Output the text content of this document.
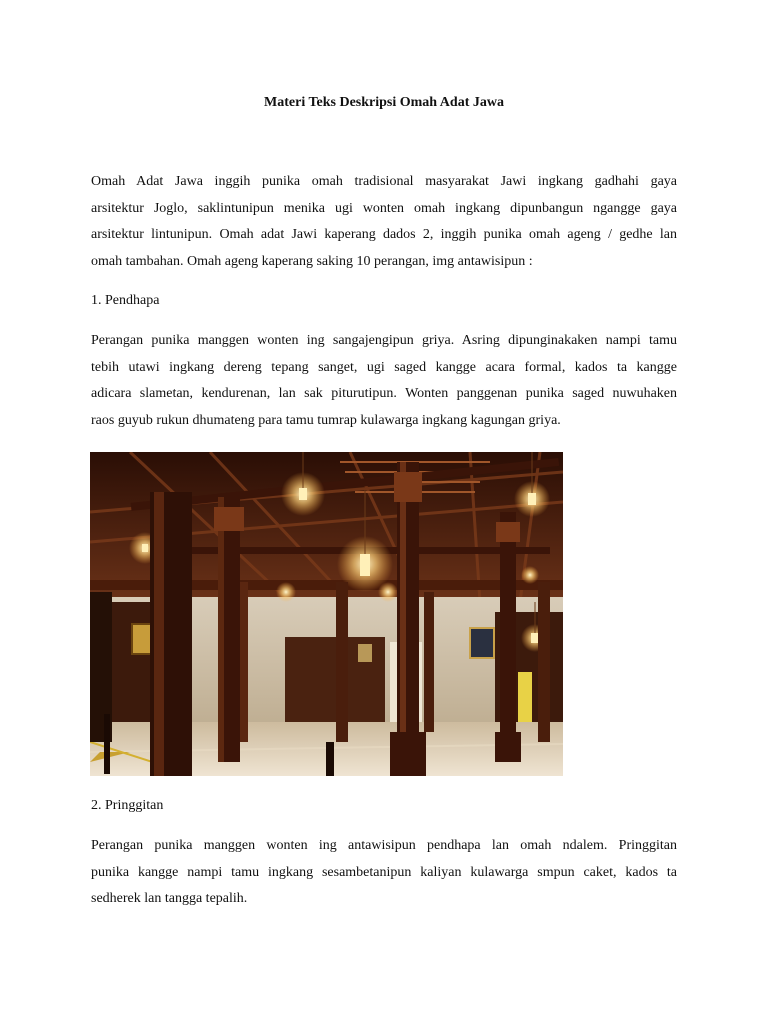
Materi Teks Deskripsi Omah Adat Jawa

Omah Adat Jawa inggih punika omah tradisional masyarakat Jawi ingkang gadhahi gaya
arsitektur Joglo, saklintunipun menika ugi wonten omah ingkang dipunbangun ngangge gaya
arsitektur lintunipun. Omah adat Jawi kaperang dados 2, inggih punika omah ageng / gedhe lan
omah tambahan. Omah ageng kaperang saking 10 perangan, img antawisipun :

1. Pendhapa

Perangan punika manggen wonten ing sangajengipun griya. Asring dipunginakaken nampi tamu
tebih utawi ingkang dereng tepang sanget, ugi saged kangge acara formal, kados ta kangge
adicara slametan, kendurenan, lan sak piturutipun. Wonten panggenan punika saged nuwuhaken
raos guyub rukun dhumateng para tamu tumrap kulawarga ingkang kagungan griya.

2. Pringgitan

Perangan punika manggen wonten ing antawisipun pendhapa lan omah ndalem. Pringgitan
punika kangge nampi tamu ingkang sesambetanipun kaliyan kulawarga smpun caket, kados ta
sedherek lan tangga tepalih.
